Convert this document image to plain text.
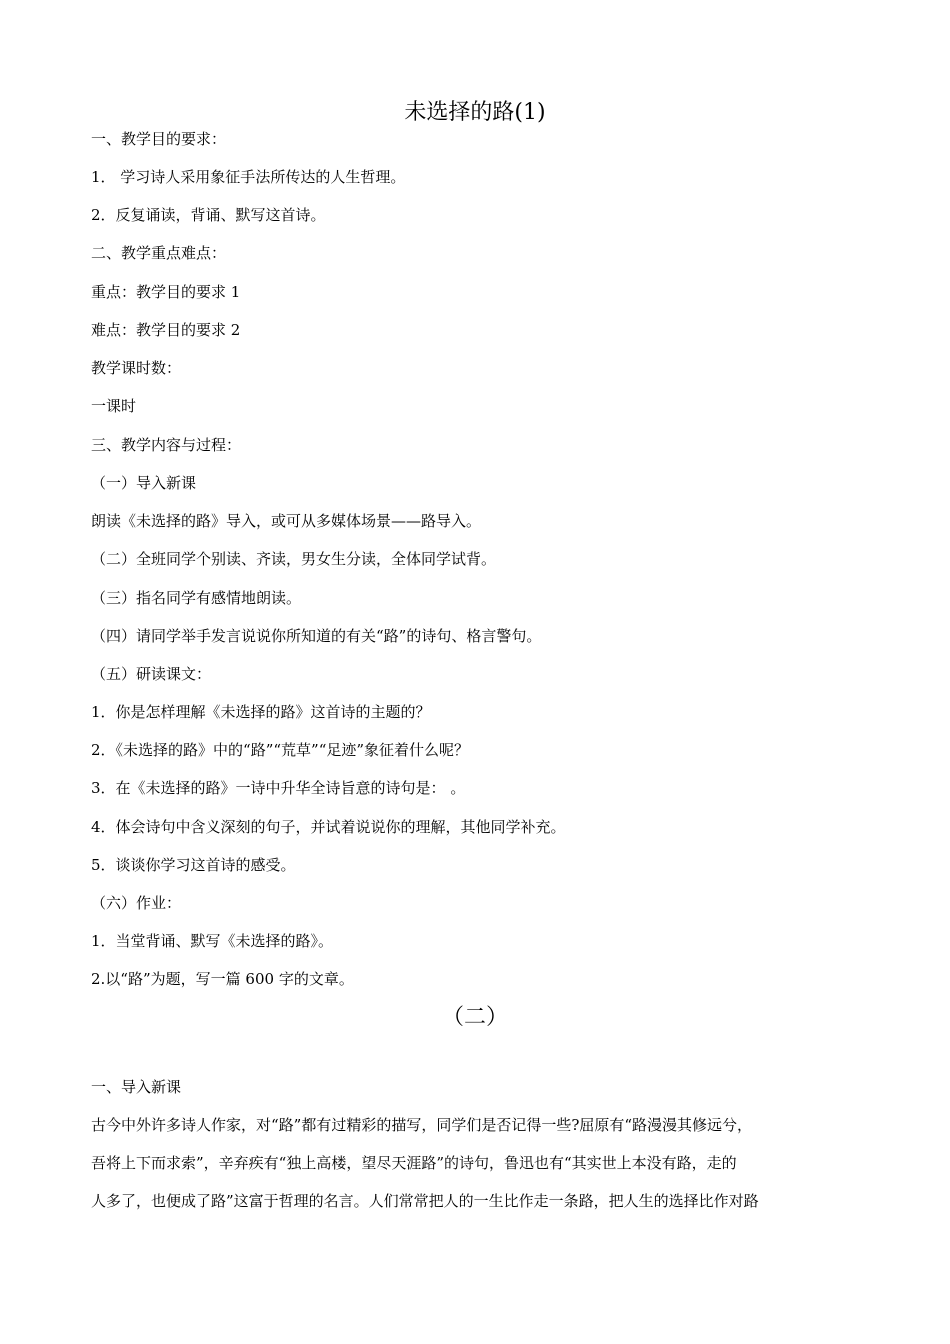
未选择的路(1)
一、教学目的要求：
1． 学习诗人采用象征手法所传达的人生哲理。
2．反复诵读，背诵、默写这首诗。
二、教学重点难点：
重点：教学目的要求 1
难点：教学目的要求 2
教学课时数：
一课时
三、教学内容与过程：
（一）导入新课
朗读《未选择的路》导入，或可从多媒体场景——路导入。
（二）全班同学个别读、齐读，男女生分读，全体同学试背。
（三）指名同学有感情地朗读。
（四）请同学举手发言说说你所知道的有关“路”的诗句、格言警句。
（五）研读课文：
1．你是怎样理解《未选择的路》这首诗的主题的？
2．《未选择的路》中的“路”“荒草”“足迹”象征着什么呢？
3．在《未选择的路》一诗中升华全诗旨意的诗句是： 。
4．体会诗句中含义深刻的句子，并试着说说你的理解，其他同学补充。
5．谈谈你学习这首诗的感受。
（六）作业：
1．当堂背诵、默写《未选择的路》。
2.以“路”为题，写一篇 600 字的文章。
（二）
一、导入新课
古今中外许多诗人作家，对“路”都有过精彩的描写，同学们是否记得一些?屈原有“路漫漫其修远兮，
吾将上下而求索”，辛弃疾有“独上高楼，望尽天涯路”的诗句，鲁迅也有“其实世上本没有路，走的
人多了，也便成了路”这富于哲理的名言。人们常常把人的一生比作走一条路，把人生的选择比作对路
